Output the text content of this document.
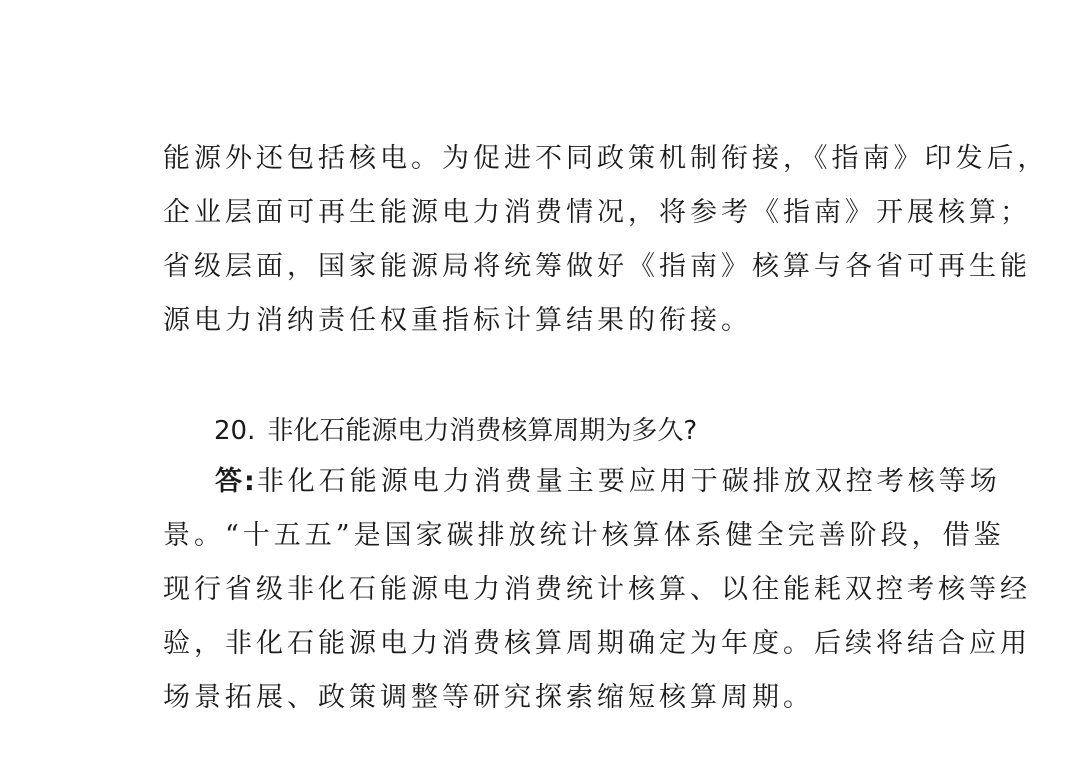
能源外还包括核电。为促进不同政策机制衔接，《指南》印发后，
企业层面可再生能源电力消费情况，将参考《指南》开展核算；
省级层面，国家能源局将统筹做好《指南》核算与各省可再生能
源电力消纳责任权重指标计算结果的衔接。
20. 非化石能源电力消费核算周期为多久?
答:非化石能源电力消费量主要应用于碳排放双控考核等场
景。“十五五”是国家碳排放统计核算体系健全完善阶段，借鉴
现行省级非化石能源电力消费统计核算、以往能耗双控考核等经
验，非化石能源电力消费核算周期确定为年度。后续将结合应用
场景拓展、政策调整等研究探索缩短核算周期。
